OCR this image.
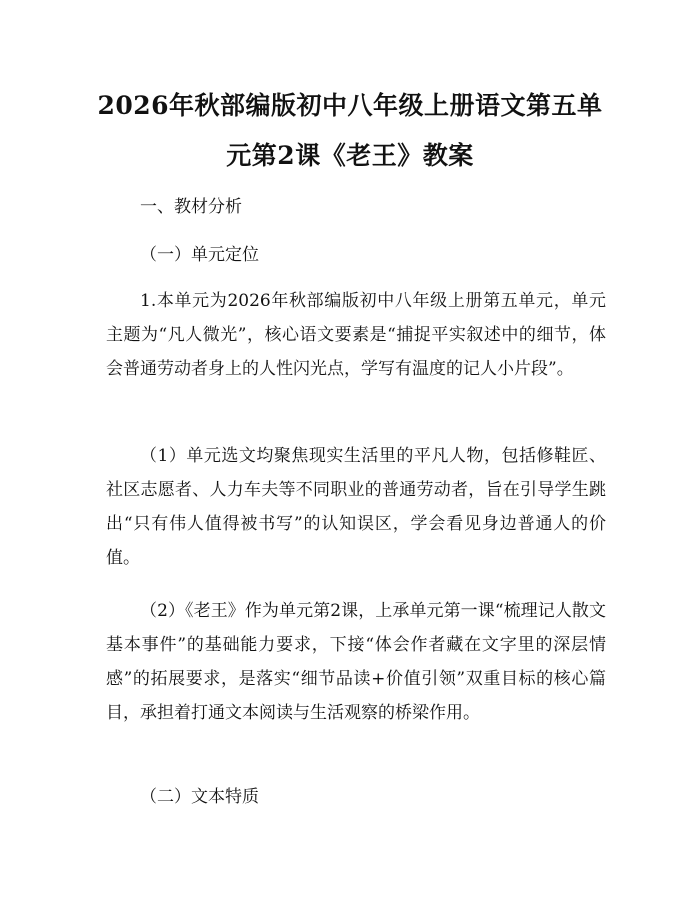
2026年秋部编版初中八年级上册语文第五单
元第2课《老王》教案
一、教材分析
（一）单元定位

1.本单元为2026年秋部编版初中八年级上册第五单元，单元主题为“凡人微光”，核心语文要素是“捕捉平实叙述中的细节，体会普通劳动者身上的人性闪光点，学写有温度的记人小片段”。

（1）单元选文均聚焦现实生活里的平凡人物，包括修鞋匠、社区志愿者、人力车夫等不同职业的普通劳动者，旨在引导学生跳出“只有伟人值得被书写”的认知误区，学会看见身边普通人的价值。

（2）《老王》作为单元第2课，上承单元第一课“梳理记人散文基本事件”的基础能力要求，下接“体会作者藏在文字里的深层情感”的拓展要求，是落实“细节品读+价值引领”双重目标的核心篇目，承担着打通文本阅读与生活观察的桥梁作用。

（二）文本特质
